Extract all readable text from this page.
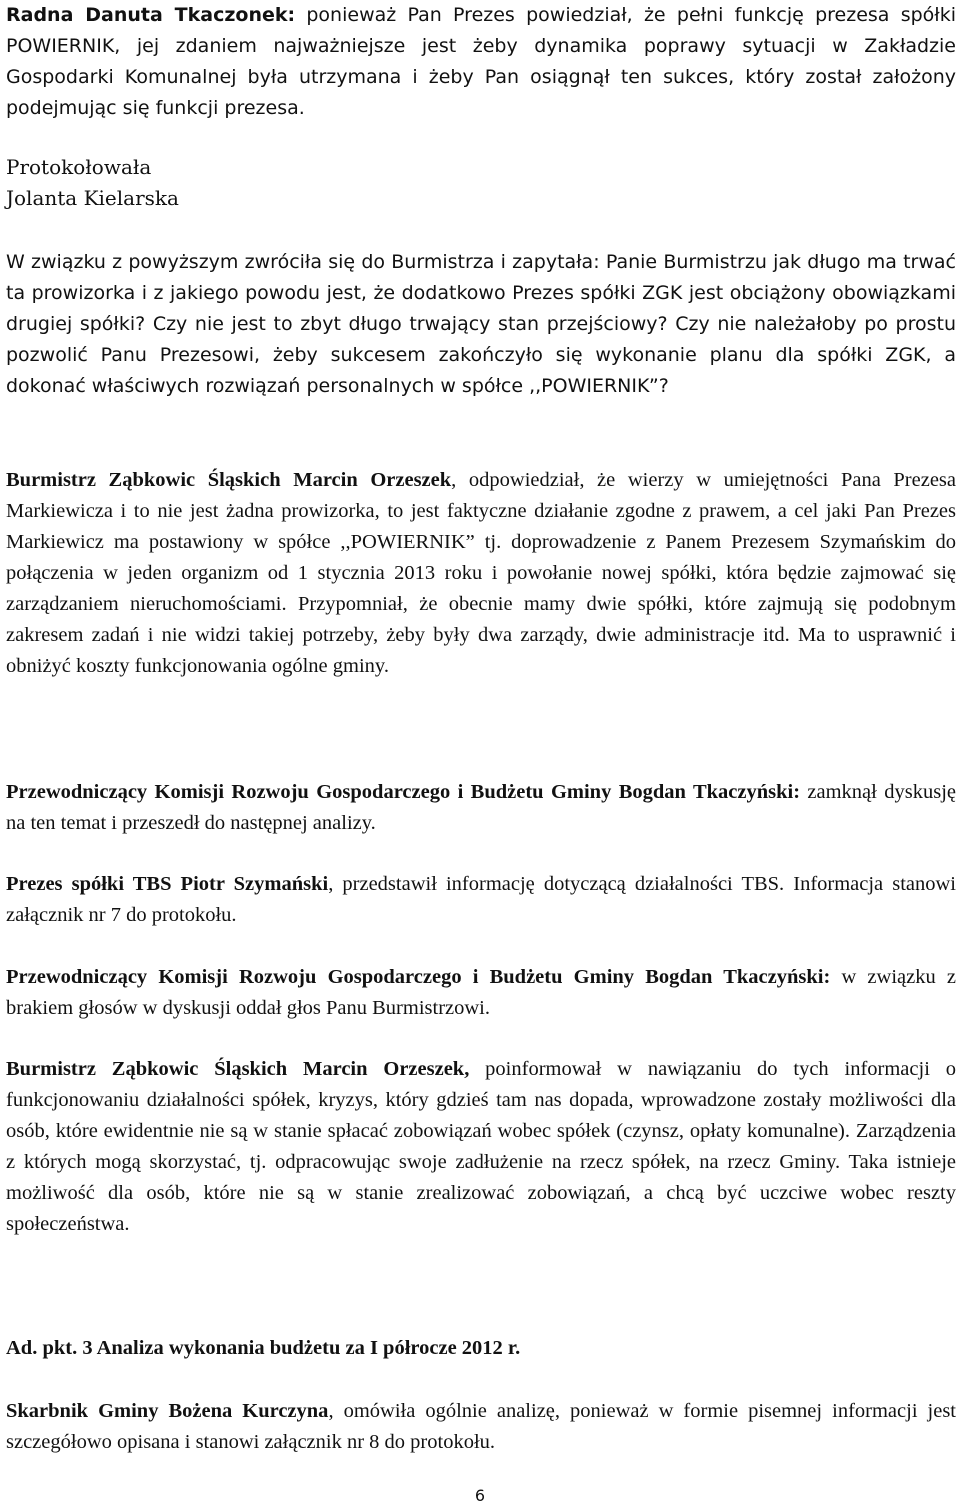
Radna Danuta Tkaczonek: ponieważ Pan Prezes powiedział, że pełni funkcję prezesa spółki POWIERNIK, jej zdaniem najważniejsze jest żeby dynamika poprawy sytuacji w Zakładzie Gospodarki Komunalnej była utrzymana i żeby Pan osiągnął ten sukces, który został założony podejmując się funkcji prezesa.

Protokołowała
Jolanta Kielarska

W związku z powyższym zwróciła się do Burmistrza i zapytała: Panie Burmistrzu jak długo ma trwać ta prowizorka i z jakiego powodu jest, że dodatkowo Prezes spółki ZGK jest obciążony obowiązkami drugiej spółki? Czy nie jest to zbyt długo trwający stan przejściowy? Czy nie należałoby po prostu pozwolić Panu Prezesowi, żeby sukcesem zakończyło się wykonanie planu dla spółki ZGK, a dokonać właściwych rozwiązań personalnych w spółce ,,POWIERNIK”?

Burmistrz Ząbkowic Śląskich Marcin Orzeszek, odpowiedział, że wierzy w umiejętności Pana Prezesa Markiewicza i to nie jest żadna prowizorka, to jest faktyczne działanie zgodne z prawem, a cel jaki Pan Prezes Markiewicz ma postawiony w spółce ,,POWIERNIK” tj. doprowadzenie z Panem Prezesem Szymańskim do połączenia w jeden organizm od 1 stycznia 2013 roku i powołanie nowej spółki, która będzie zajmować się zarządzaniem nieruchomościami. Przypomniał, że obecnie mamy dwie spółki, które zajmują się podobnym zakresem zadań i nie widzi takiej potrzeby, żeby były dwa zarządy, dwie administracje itd. Ma to usprawnić i obniżyć koszty funkcjonowania ogólne gminy.

Przewodniczący Komisji Rozwoju Gospodarczego i Budżetu Gminy Bogdan Tkaczyński: zamknął dyskusję na ten temat i przeszedł do następnej analizy.

Prezes spółki TBS Piotr Szymański, przedstawił informację dotyczącą działalności TBS. Informacja stanowi załącznik nr 7 do protokołu.

Przewodniczący Komisji Rozwoju Gospodarczego i Budżetu Gminy Bogdan Tkaczyński: w związku z brakiem głosów w dyskusji oddał głos Panu Burmistrzowi.

Burmistrz Ząbkowic Śląskich Marcin Orzeszek, poinformował w nawiązaniu do tych informacji o funkcjonowaniu działalności spółek, kryzys, który gdzieś tam nas dopada, wprowadzone zostały możliwości dla osób, które ewidentnie nie są w stanie spłacać zobowiązań wobec spółek (czynsz, opłaty komunalne). Zarządzenia z których mogą skorzystać, tj. odpracowując swoje zadłużenie na rzecz spółek, na rzecz Gminy. Taka istnieje możliwość dla osób, które nie są w stanie zrealizować zobowiązań, a chcą być uczciwe wobec reszty społeczeństwa.

Ad. pkt. 3 Analiza wykonania budżetu za I półrocze 2012 r.

Skarbnik Gminy Bożena Kurczyna, omówiła ogólnie analizę, ponieważ w formie pisemnej informacji jest szczegółowo opisana i stanowi załącznik nr 8 do protokołu.

6
